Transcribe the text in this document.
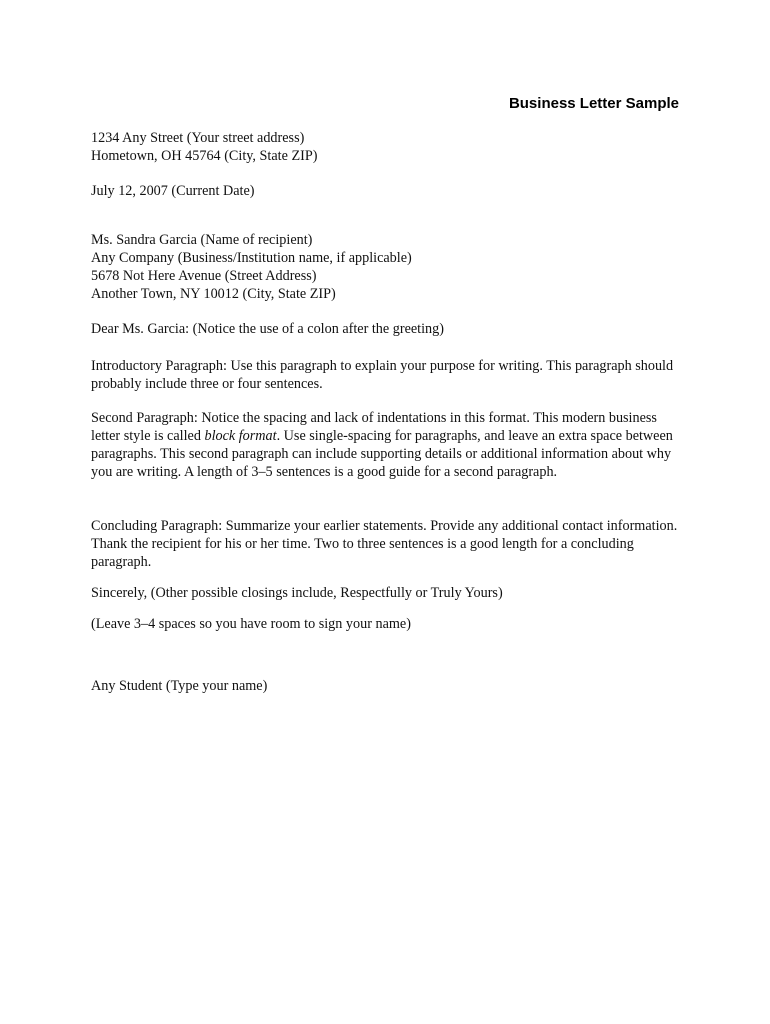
Business Letter Sample
1234 Any Street (Your street address)
Hometown, OH 45764 (City, State ZIP)
July 12, 2007 (Current Date)
Ms. Sandra Garcia (Name of recipient)
Any Company (Business/Institution name, if applicable)
5678 Not Here Avenue (Street Address)
Another Town, NY 10012 (City, State ZIP)
Dear Ms. Garcia: (Notice the use of a colon after the greeting)

Introductory Paragraph: Use this paragraph to explain your purpose for writing. This paragraph should probably include three or four sentences.

Second Paragraph: Notice the spacing and lack of indentations in this format. This modern business letter style is called block format. Use single-spacing for paragraphs, and leave an extra space between paragraphs. This second paragraph can include supporting details or additional information about why you are writing. A length of 3–5 sentences is a good guide for a second paragraph.

Concluding Paragraph: Summarize your earlier statements. Provide any additional contact information. Thank the recipient for his or her time. Two to three sentences is a good length for a concluding paragraph.

Sincerely, (Other possible closings include, Respectfully or Truly Yours)
(Leave 3–4 spaces so you have room to sign your name)
Any Student (Type your name)
